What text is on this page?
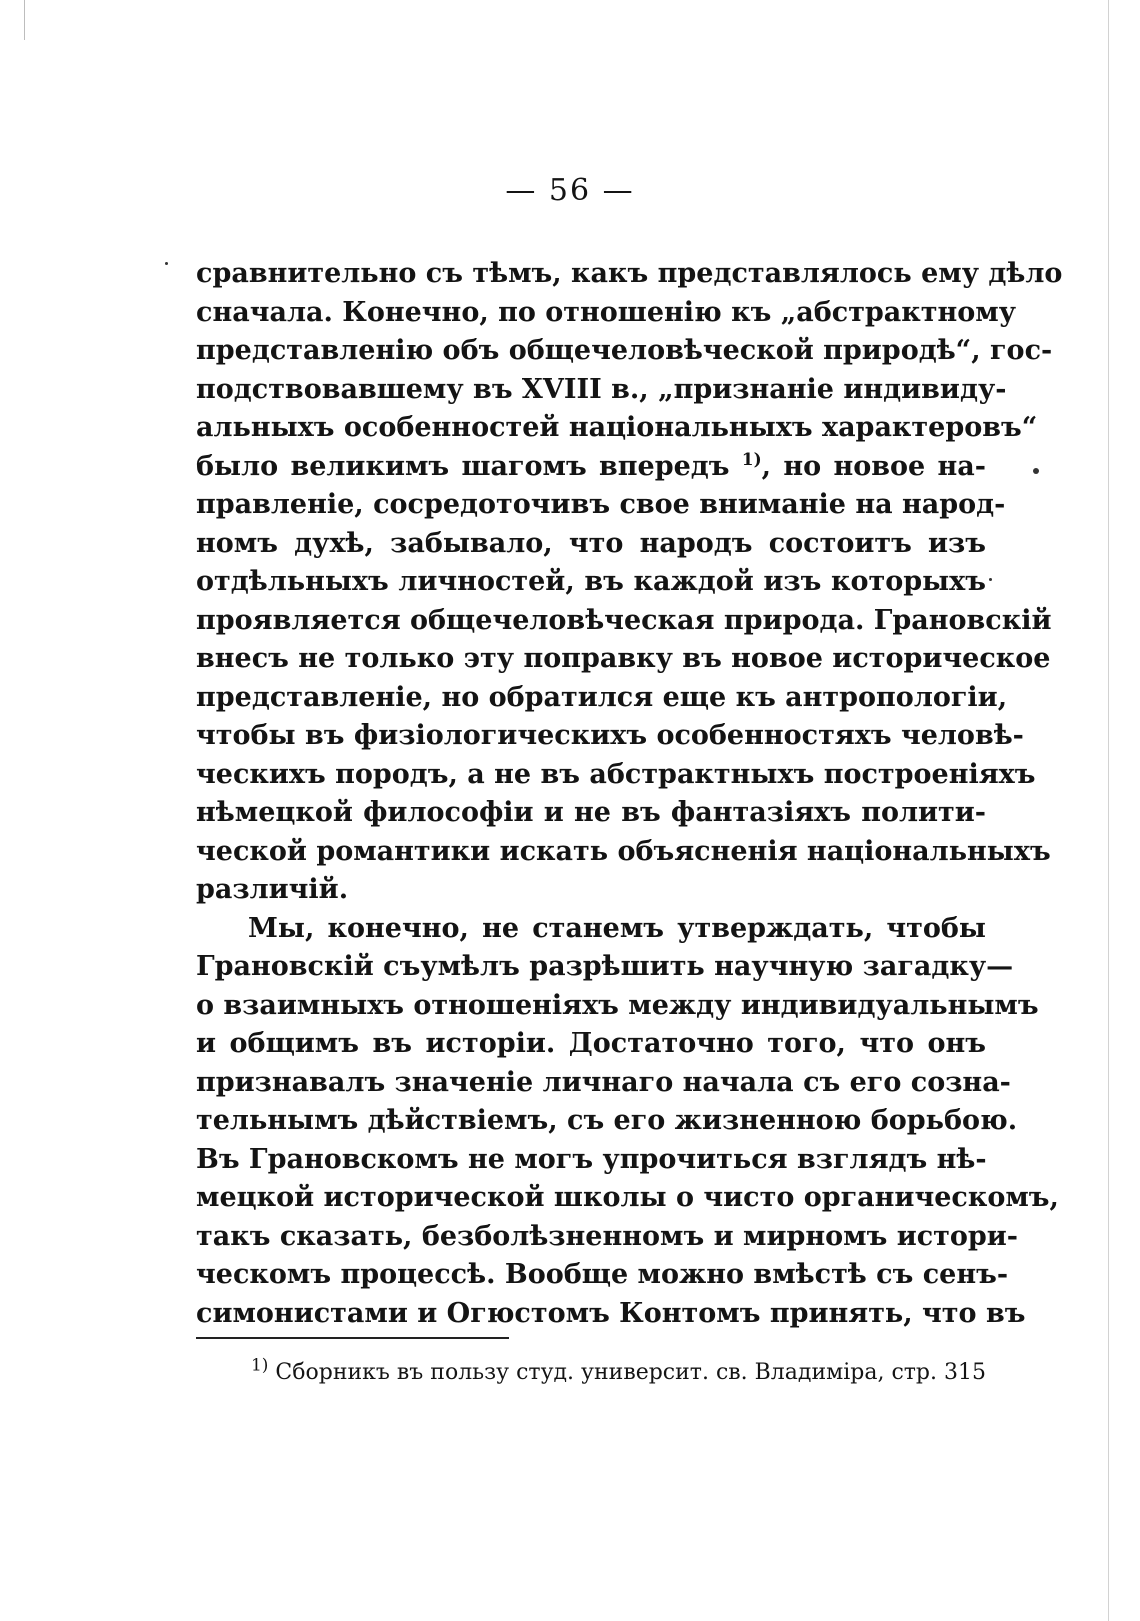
— 56 —
сравнительно съ тѣмъ, какъ представлялось ему дѣло
сначала. Конечно, по отношенію къ „абстрактному
представленію объ общечеловѣческой природѣ“, гос-
подствовавшему въ XVIII в., „признаніе индивиду-
альныхъ особенностей національныхъ характеровъ“
было великимъ шагомъ впередъ $^{1)}$, но новое на-
правленіе, сосредоточивъ свое вниманіе на народ-
номъ духѣ, забывало, что народъ состоитъ изъ
отдѣльныхъ личностей, въ каждой изъ которыхъ
проявляется общечеловѣческая природа. Грановскій
внесъ не только эту поправку въ новое историческое
представленіе, но обратился еще къ антропологіи,
чтобы въ физіологическихъ особенностяхъ человѣ-
ческихъ породъ, а не въ абстрактныхъ построеніяхъ
нѣмецкой философіи и не въ фантазіяхъ полити-
ческой романтики искать объясненія національныхъ
различій.
Мы, конечно, не станемъ утверждать, чтобы
Грановскій съумѣлъ разрѣшить научную загадку—
о взаимныхъ отношеніяхъ между индивидуальнымъ
и общимъ въ исторіи. Достаточно того, что онъ
признавалъ значеніе личнаго начала съ его созна-
тельнымъ дѣйствіемъ, съ его жизненною борьбою.
Въ Грановскомъ не могъ упрочиться взглядъ нѣ-
мецкой исторической школы о чисто органическомъ,
такъ сказать, безболѣзненномъ и мирномъ истори-
ческомъ процессѣ. Вообще можно вмѣстѣ съ сенъ-
симонистами и Огюстомъ Контомъ принять, что въ
$^{1)}$ Сборникъ въ пользу студ. университ. св. Владиміра, стр. 315
